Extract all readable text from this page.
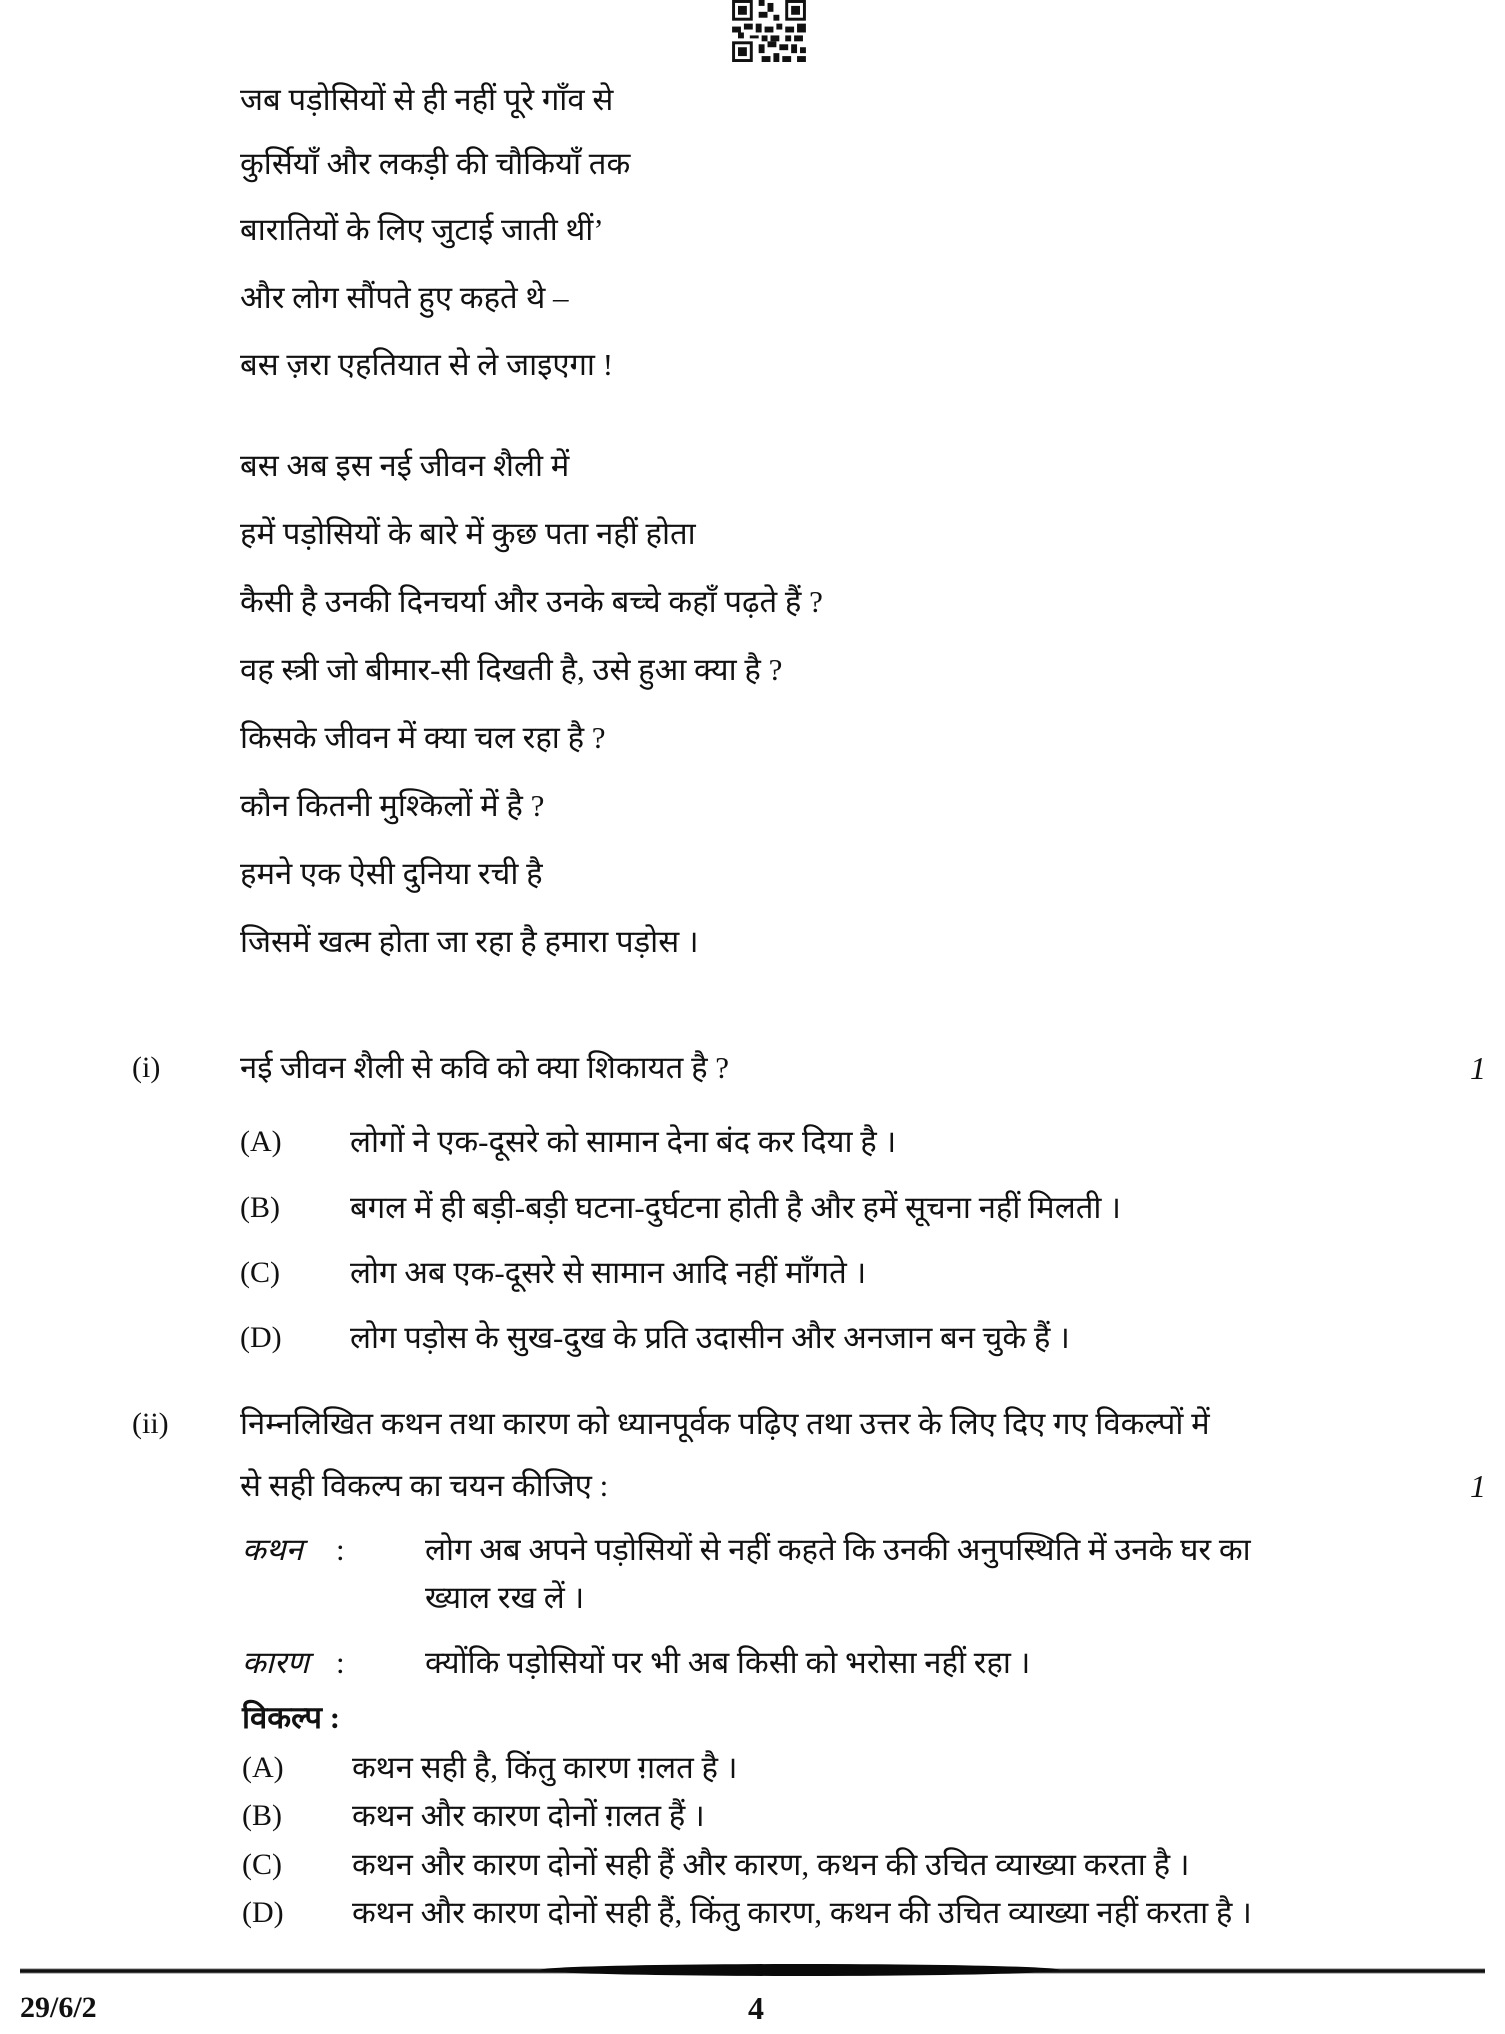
जब पड़ोसियों से ही नहीं पूरे गाँव से
कुर्सियाँ और लकड़ी की चौकियाँ तक
बारातियों के लिए जुटाई जाती थीं’
और लोग सौंपते हुए कहते थे –
बस ज़रा एहतियात से ले जाइएगा !
बस अब इस नई जीवन शैली में
हमें पड़ोसियों के बारे में कुछ पता नहीं होता
कैसी है उनकी दिनचर्या और उनके बच्चे कहाँ पढ़ते हैं ?
वह स्त्री जो बीमार-सी दिखती है, उसे हुआ क्या है ?
किसके जीवन में क्या चल रहा है ?
कौन कितनी मुश्किलों में है ?
हमने एक ऐसी दुनिया रची है
जिसमें खत्म होता जा रहा है हमारा पड़ोस ।
(i)	नई जीवन शैली से कवि को क्या शिकायत है ?	1
(A) लोगों ने एक-दूसरे को सामान देना बंद कर दिया है ।
(B) बगल में ही बड़ी-बड़ी घटना-दुर्घटना होती है और हमें सूचना नहीं मिलती ।
(C) लोग अब एक-दूसरे से सामान आदि नहीं माँगते ।
(D) लोग पड़ोस के सुख-दुख के प्रति उदासीन और अनजान बन चुके हैं ।
(ii) निम्नलिखित कथन तथा कारण को ध्यानपूर्वक पढ़िए तथा उत्तर के लिए दिए गए विकल्पों में
से सही विकल्प का चयन कीजिए :	1
कथन :	लोग अब अपने पड़ोसियों से नहीं कहते कि उनकी अनुपस्थिति में उनके घर का
ख्याल रख लें ।
कारण :	क्योंकि पड़ोसियों पर भी अब किसी को भरोसा नहीं रहा ।
विकल्प :
(A) कथन सही है, किंतु कारण ग़लत है ।
(B) कथन और कारण दोनों ग़लत हैं ।
(C) कथन और कारण दोनों सही हैं और कारण, कथन की उचित व्याख्या करता है ।
(D) कथन और कारण दोनों सही हैं, किंतु कारण, कथन की उचित व्याख्या नहीं करता है ।
29/6/2	4
